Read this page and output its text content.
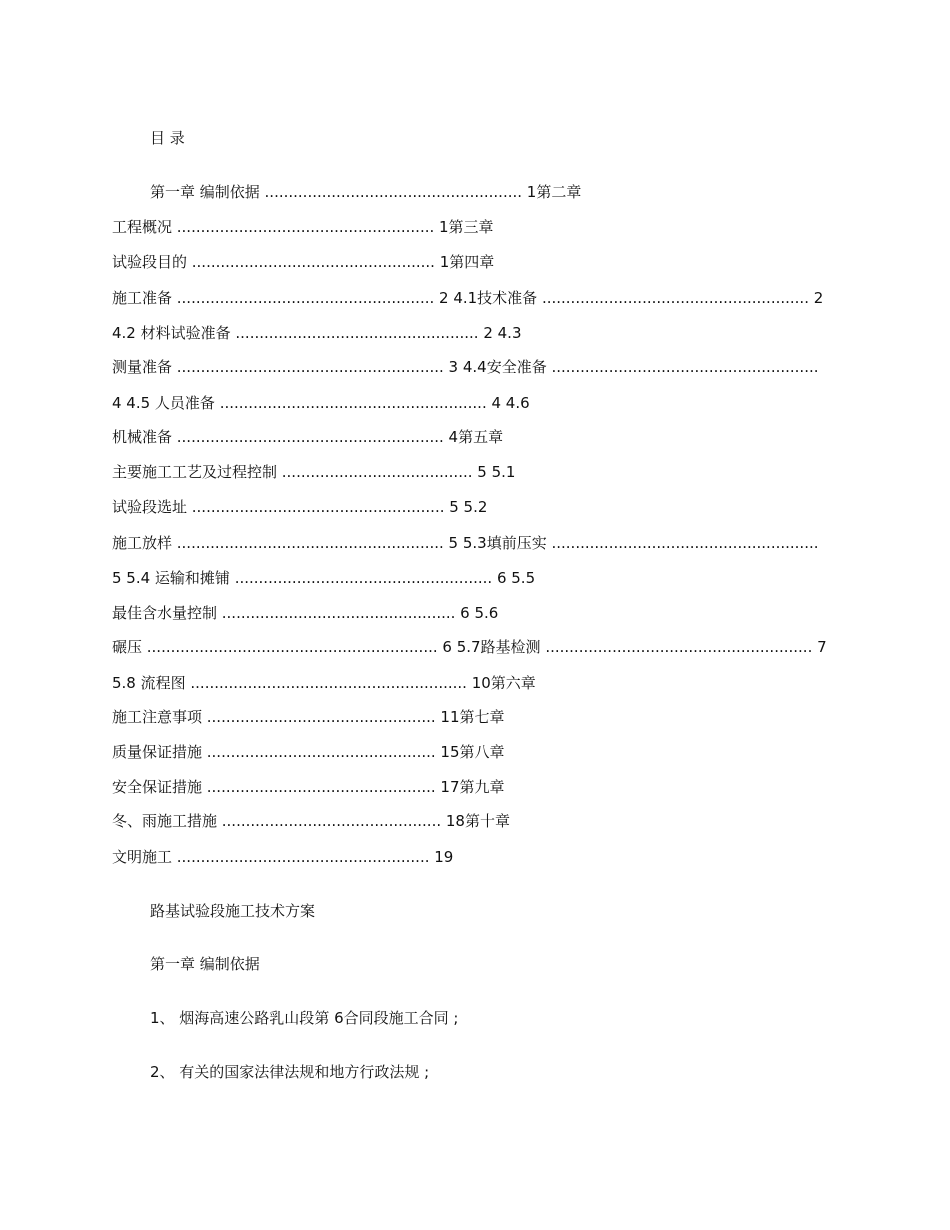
目 录
第一章 编制依据 ...................................................... 1第二章
工程概况 ...................................................... 1第三章
试验段目的 ................................................... 1第四章
施工准备 ...................................................... 2 4.1技术准备 ........................................................ 2
4.2 材料试验准备 ................................................... 2 4.3
测量准备 ........................................................ 3 4.4安全准备 ........................................................
4 4.5 人员准备 ........................................................ 4 4.6
机械准备 ........................................................ 4第五章
主要施工工艺及过程控制 ........................................ 5 5.1
试验段选址 ..................................................... 5 5.2
施工放样 ........................................................ 5 5.3填前压实 ........................................................
5 5.4 运输和摊铺 ...................................................... 6 5.5
最佳含水量控制 ................................................. 6 5.6
碾压 ............................................................. 6 5.7路基检测 ........................................................ 7
5.8 流程图 .......................................................... 10第六章
施工注意事项 ................................................ 11第七章
质量保证措施 ................................................ 15第八章
安全保证措施 ................................................ 17第九章
冬、雨施工措施 .............................................. 18第十章
文明施工 ..................................................... 19
路基试验段施工技术方案
第一章 编制依据
1、 烟海高速公路乳山段第 6合同段施工合同 ;
2、 有关的国家法律法规和地方行政法规 ;
